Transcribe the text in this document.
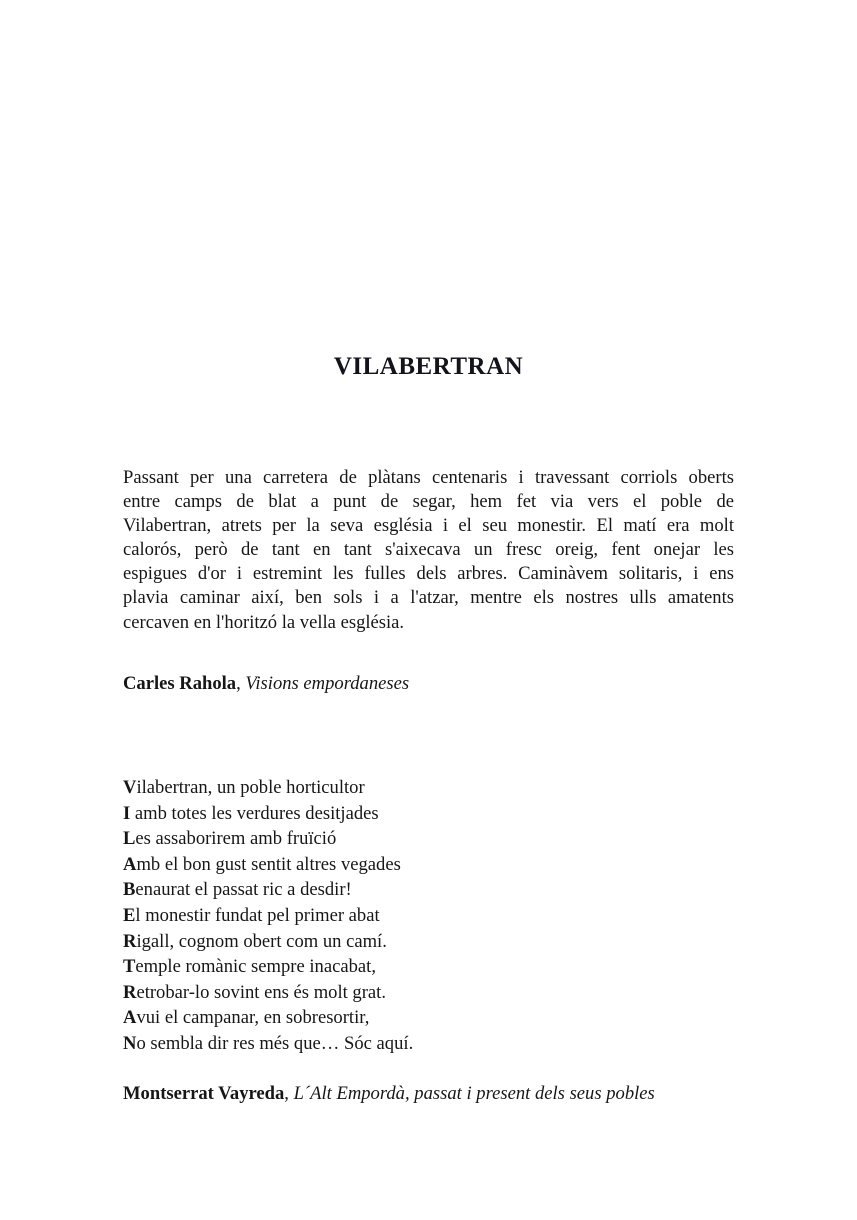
VILABERTRAN
Passant per una carretera de plàtans centenaris i travessant corriols oberts
entre camps de blat a punt de segar, hem fet via vers el poble de
Vilabertran, atrets per la seva església i el seu monestir. El matí era molt
calorós, però de tant en tant s'aixecava un fresc oreig, fent onejar les
espigues d'or i estremint les fulles dels arbres. Caminàvem solitaris, i ens
plavia caminar així, ben sols i a l'atzar, mentre els nostres ulls amatents
cercaven en l'horitzó la vella església.
Carles Rahola, Visions empordaneses
Vilabertran, un poble horticultor
I amb totes les verdures desitjades
Les assaborirem amb fruïció
Amb el bon gust sentit altres vegades
Benaurat el passat ric a desdir!
El monestir fundat pel primer abat
Rigall, cognom obert com un camí.
Temple romànic sempre inacabat,
Retrobar-lo sovint ens és molt grat.
Avui el campanar, en sobresortir,
No sembla dir res més que… Sóc aquí.
Montserrat Vayreda, L´Alt Empordà, passat i present dels seus pobles
